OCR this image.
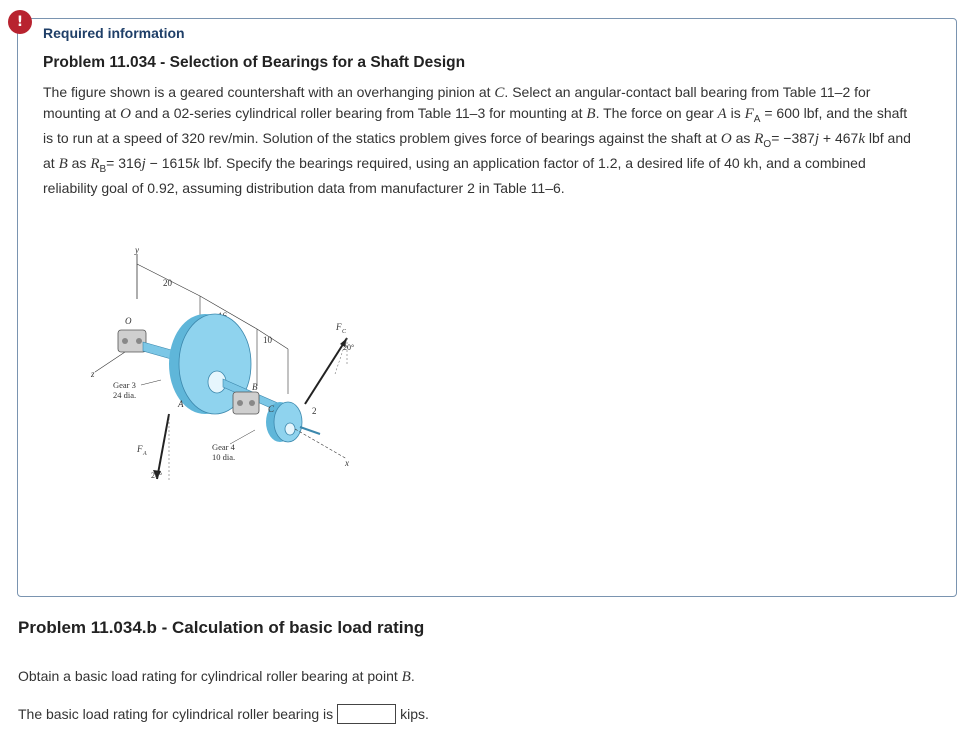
!
Required information
Problem 11.034 - Selection of Bearings for a Shaft Design
The figure shown is a geared countershaft with an overhanging pinion at C. Select an angular-contact ball bearing from Table 11–2 for mounting at O and a 02-series cylindrical roller bearing from Table 11–3 for mounting at B. The force on gear A is $F_A = 600$ lbf, and the shaft is to run at a speed of 320 rev/min. Solution of the statics problem gives force of bearings against the shaft at O as $R_O= -387j + 467k$ lbf and at B as $R_B= 316j - 1615k$ lbf. Specify the bearings required, using an application factor of 1.2, a desired life of 40 kh, and a combined reliability goal of 0.92, assuming distribution data from manufacturer 2 in Table 11–6.
y
20
10
z
O
A
B
C	2
x
F C
20°
F A
20°
Gear 3
24 dia.
Gear 4
10 dia.
Problem 11.034.b - Calculation of basic load rating
Obtain a basic load rating for cylindrical roller bearing at point B.
The basic load rating for cylindrical roller bearing is	kips.
